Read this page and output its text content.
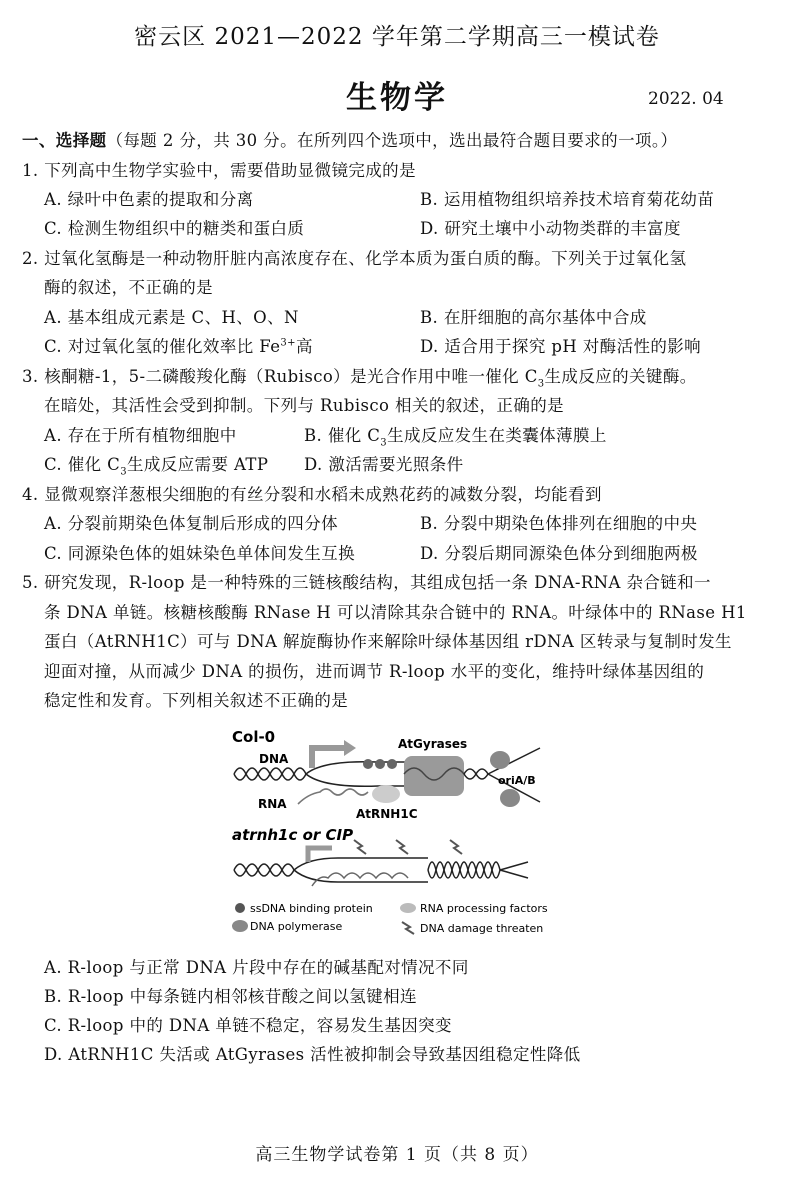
密云区 2021—2022 学年第二学期高三一模试卷
生物学	2022. 04
一、选择题（每题 2 分，共 30 分。在所列四个选项中，选出最符合题目要求的一项。）
1. 下列高中生物学实验中，需要借助显微镜完成的是
A. 绿叶中色素的提取和分离	B. 运用植物组织培养技术培育菊花幼苗
C. 检测生物组织中的糖类和蛋白质	D. 研究土壤中小动物类群的丰富度
2. 过氧化氢酶是一种动物肝脏内高浓度存在、化学本质为蛋白质的酶。下列关于过氧化氢
酶的叙述，不正确的是
A. 基本组成元素是 C、H、O、N	B. 在肝细胞的高尔基体中合成
C. 对过氧化氢的催化效率比 $Fe^{3+}$高	D. 适合用于探究 pH 对酶活性的影响
3. 核酮糖-1，5-二磷酸羧化酶（Rubisco）是光合作用中唯一催化 $C_3$生成反应的关键酶。
在暗处，其活性会受到抑制。下列与 Rubisco 相关的叙述，正确的是
A. 存在于所有植物细胞中	B. 催化 $C_3$生成反应发生在类囊体薄膜上
C. 催化 $C_3$生成反应需要 ATP D. 激活需要光照条件
4. 显微观察洋葱根尖细胞的有丝分裂和水稻未成熟花药的减数分裂，均能看到
A. 分裂前期染色体复制后形成的四分体	B. 分裂中期染色体排列在细胞的中央
C. 同源染色体的姐妹染色单体间发生互换	D. 分裂后期同源染色体分到细胞两极
5. 研究发现，R-loop 是一种特殊的三链核酸结构，其组成包括一条 DNA-RNA 杂合链和一
条 DNA 单链。核糖核酸酶 RNase H 可以清除其杂合链中的 RNA。叶绿体中的 RNase H1
蛋白（AtRNH1C）可与 DNA 解旋酶协作来解除叶绿体基因组 rDNA 区转录与复制时发生
迎面对撞，从而减少 DNA 的损伤，进而调节 R-loop 水平的变化，维持叶绿体基因组的
稳定性和发育。下列相关叙述不正确的是
Col-0
DNA
RNA
AtGyrases
AtRNH1C
oriA/B
atrnh1c or CIP
ssDNA binding protein	RNA processing factors
DNA polymerase	DNA damage threaten
A. R-loop 与正常 DNA 片段中存在的碱基配对情况不同
B. R-loop 中每条链内相邻核苷酸之间以氢键相连
C. R-loop 中的 DNA 单链不稳定，容易发生基因突变
D. AtRNH1C 失活或 AtGyrases 活性被抑制会导致基因组稳定性降低
高三生物学试卷第 1 页（共 8 页）
